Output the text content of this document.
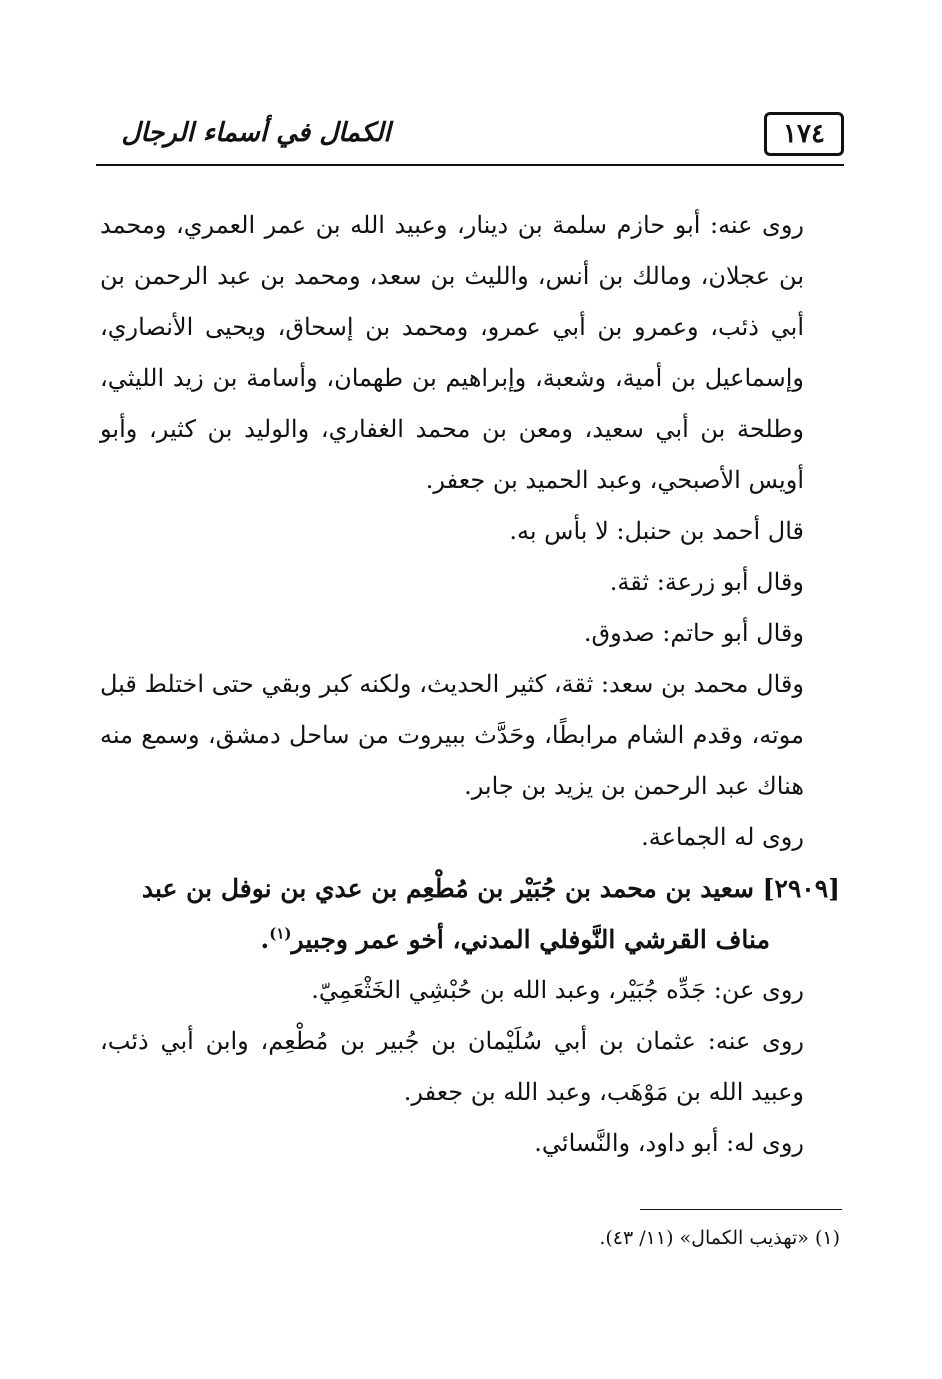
١٧٤
الكمال في أسماء الرجال

روى عنه: أبو حازم سلمة بن دينار، وعبيد الله بن عمر العمري، ومحمد بن عجلان، ومالك بن أنس، والليث بن سعد، ومحمد بن عبد الرحمن بن أبي ذئب، وعمرو بن أبي عمرو، ومحمد بن إسحاق، ويحيى الأنصاري، وإسماعيل بن أمية، وشعبة، وإبراهيم بن طهمان، وأسامة بن زيد الليثي، وطلحة بن أبي سعيد، ومعن بن محمد الغفاري، والوليد بن كثير، وأبو أويس الأصبحي، وعبد الحميد بن جعفر.

قال أحمد بن حنبل: لا بأس به.

وقال أبو زرعة: ثقة.

وقال أبو حاتم: صدوق.

وقال محمد بن سعد: ثقة، كثير الحديث، ولكنه كبر وبقي حتى اختلط قبل موته، وقدم الشام مرابطًا، وحَدَّث ببيروت من ساحل دمشق، وسمع منه هناك عبد الرحمن بن يزيد بن جابر.

روى له الجماعة.

[٢٩٠٩] سعيد بن محمد بن جُبَيْر بن مُطْعِم بن عدي بن نوفل بن عبد

مناف القرشي النَّوفلي المدني، أخو عمر وجبير$^{(١)}$.

روى عن: جَدِّه جُبَيْر، وعبد الله بن حُبْشِي الخَثْعَمِيّ.

روى عنه: عثمان بن أبي سُلَيْمان بن جُبير بن مُطْعِم، وابن أبي ذئب، وعبيد الله بن مَوْهَب، وعبد الله بن جعفر.

روى له: أبو داود، والنَّسائي.

(١) «تهذيب الكمال» (١١/ ٤٣).
